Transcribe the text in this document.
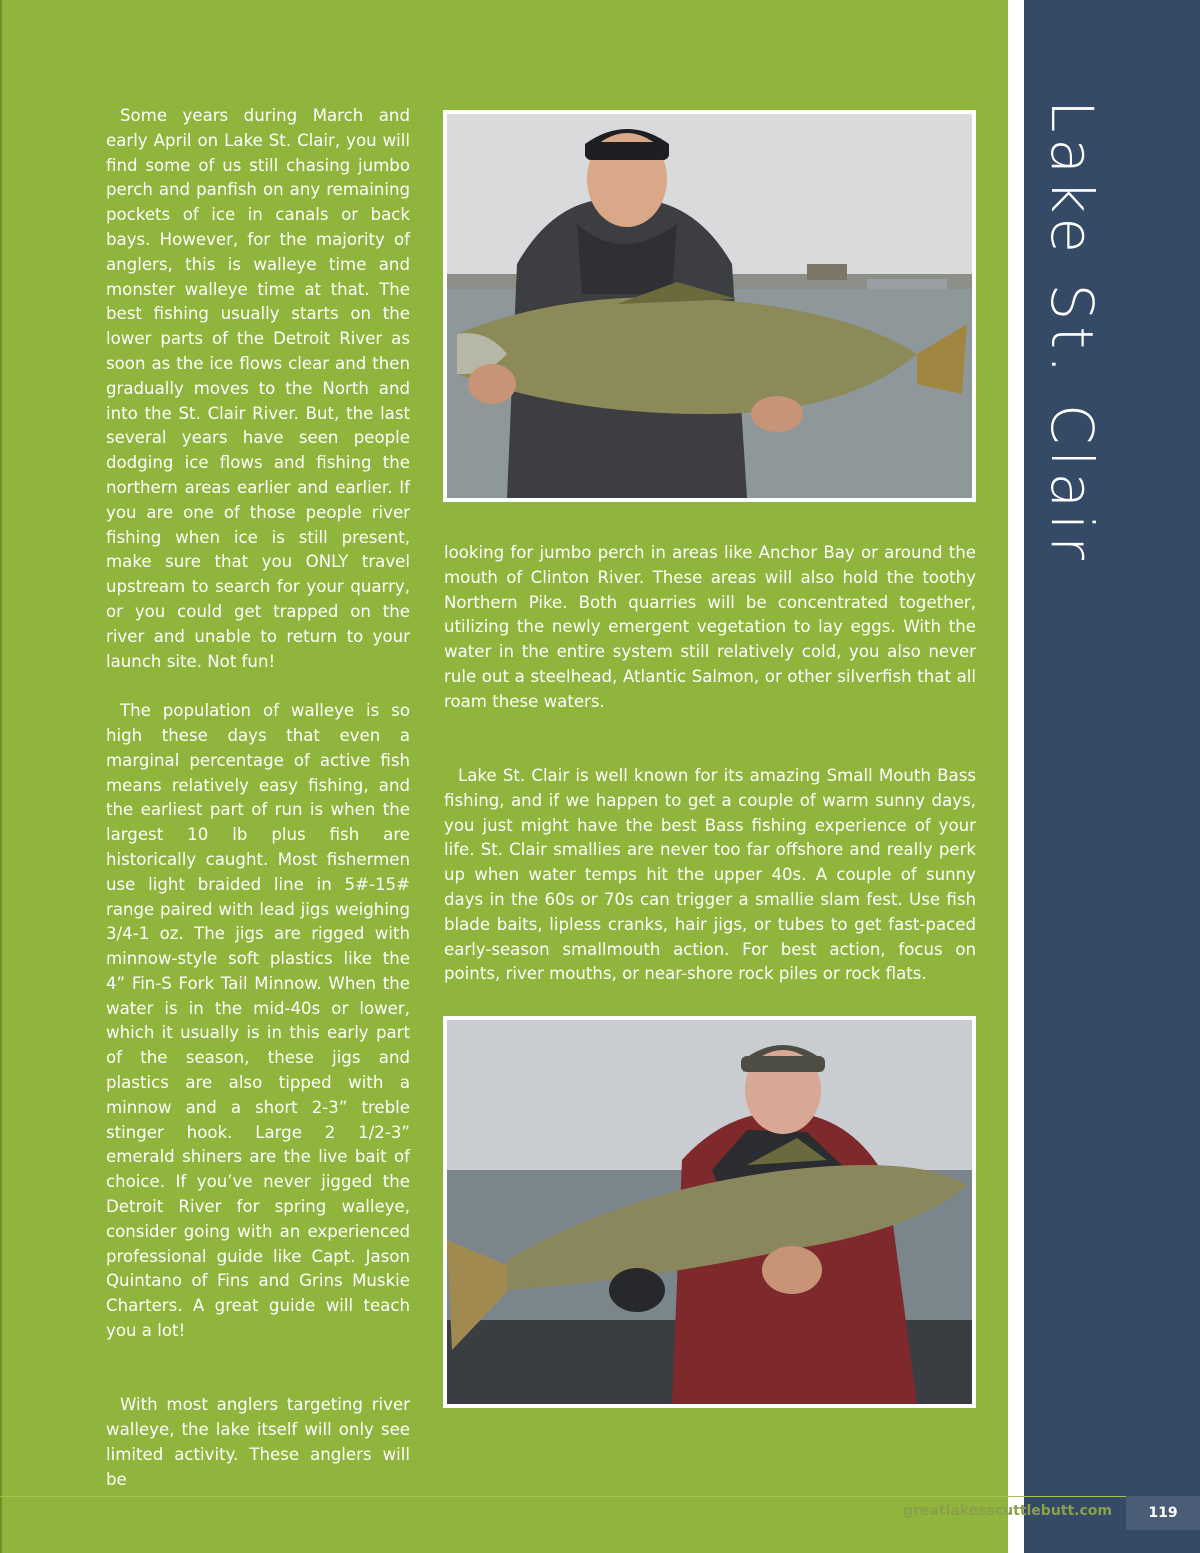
Lake St. Clair

Some years during March and early April on Lake St. Clair, you will find some of us still chasing jumbo perch and panfish on any remaining pockets of ice in canals or back bays. However, for the majority of anglers, this is walleye time and monster walleye time at that. The best fishing usually starts on the lower parts of the Detroit River as soon as the ice flows clear and then gradually moves to the North and into the St. Clair River. But, the last several years have seen people dodging ice flows and fishing the northern areas earlier and earlier. If you are one of those people river fishing when ice is still present, make sure that you ONLY travel upstream to search for your quarry, or you could get trapped on the river and unable to return to your launch site. Not fun!

The population of walleye is so high these days that even a marginal percentage of active fish means relatively easy fishing, and the earliest part of run is when the largest 10 lb plus fish are historically caught. Most fishermen use light braided line in 5#-15# range paired with lead jigs weighing 3/4-1 oz. The jigs are rigged with minnow-style soft plastics like the 4” Fin-S Fork Tail Minnow. When the water is in the mid-40s or lower, which it usually is in this early part of the season, these jigs and plastics are also tipped with a minnow and a short 2-3” treble stinger hook. Large 2 1/2-3” emerald shiners are the live bait of choice. If you’ve never jigged the Detroit River for spring walleye, consider going with an experienced professional guide like Capt. Jason Quintano of Fins and Grins Muskie Charters. A great guide will teach you a lot!

With most anglers targeting river walleye, the lake itself will only see limited activity. These anglers will be

looking for jumbo perch in areas like Anchor Bay or around the mouth of Clinton River. These areas will also hold the toothy Northern Pike. Both quarries will be concentrated together, utilizing the newly emergent vegetation to lay eggs. With the water in the entire system still relatively cold, you also never rule out a steelhead, Atlantic Salmon, or other silverfish that all roam these waters.

Lake St. Clair is well known for its amazing Small Mouth Bass fishing, and if we happen to get a couple of warm sunny days, you just might have the best Bass fishing experience of your life. St. Clair smallies are never too far offshore and really perk up when water temps hit the upper 40s. A couple of sunny days in the 60s or 70s can trigger a smallie slam fest. Use fish blade baits, lipless cranks, hair jigs, or tubes to get fast-paced early-season smallmouth action. For best action, focus on points, river mouths, or near-shore rock piles or rock flats.

greatlakesscuttlebutt.com	119
